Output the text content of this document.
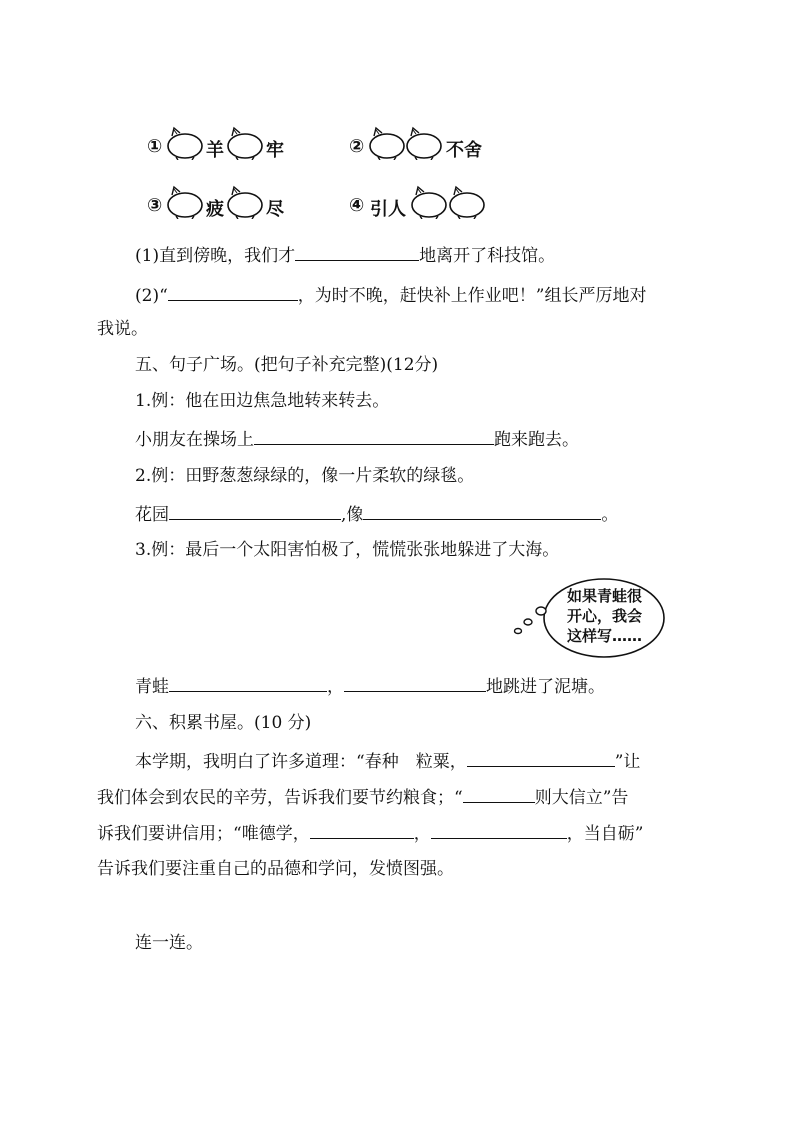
① 羊 牢	②	不舍
③ 疲 尽	④ 引人
(1)直到傍晚，我们才	地离开了科技馆。
(2)“	，为时不晚，赶快补上作业吧！”组长严厉地对
我说。
五、句子广场。(把句子补充完整)(12分)
1.例：他在田边焦急地转来转去。
小朋友在操场上	跑来跑去。
2.例：田野葱葱绿绿的，像一片柔软的绿毯。
花园	,像	。
3.例：最后一个太阳害怕极了，慌慌张张地躲进了大海。
如果青蛙很
开心，我会
这样写……
青蛙	，	地跳进了泥塘。
六、积累书屋。(10 分)
本学期，我明白了许多道理：“春种　粒粟，	”让
我们体会到农民的辛劳，告诉我们要节约粮食；“	则大信立”告
诉我们要讲信用；“唯德学，	，	，当自砺”
告诉我们要注重自己的品德和学问，发愤图强。
连一连。
